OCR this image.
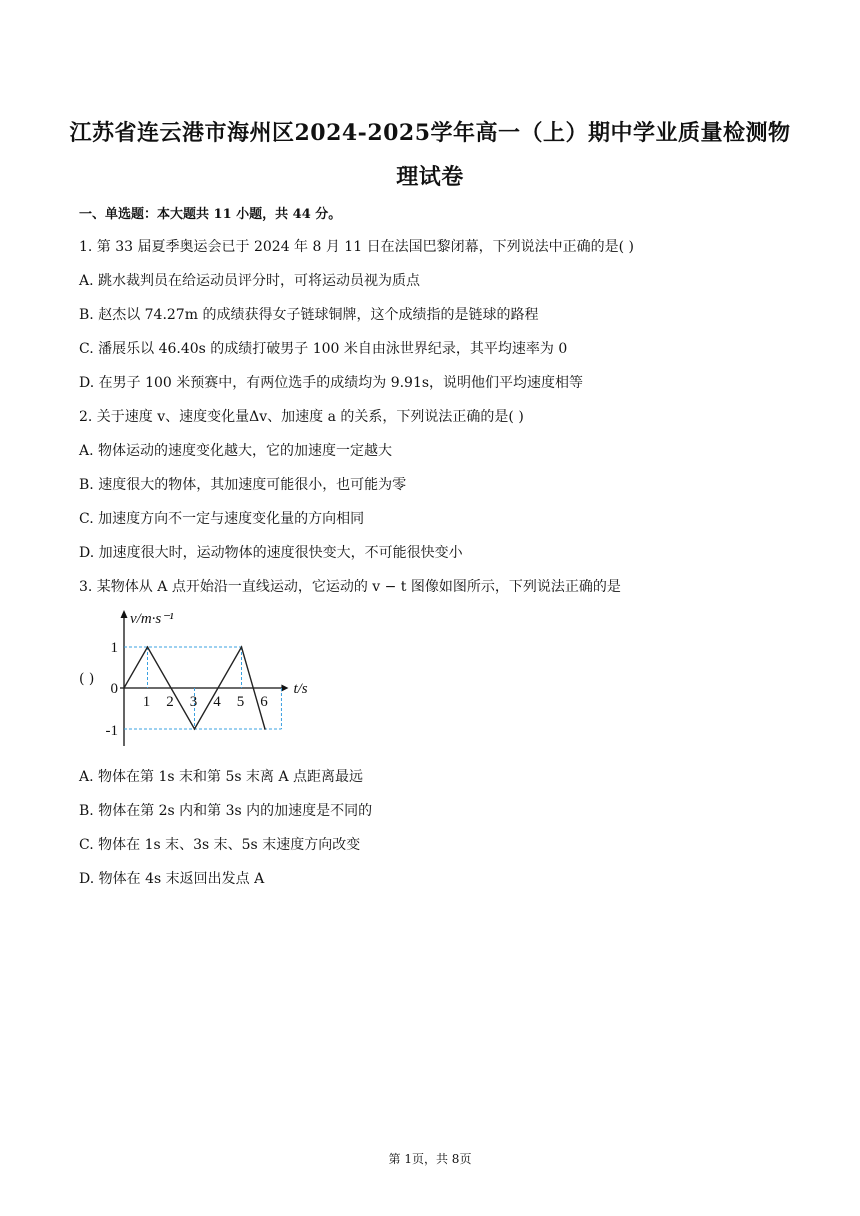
江苏省连云港市海州区2024-2025学年高一（上）期中学业质量检测物
理试卷
一、单选题：本大题共 11 小题，共 44 分。
1. 第 33 届夏季奥运会已于 2024 年 8 月 11 日在法国巴黎闭幕，下列说法中正确的是( )
A. 跳水裁判员在给运动员评分时，可将运动员视为质点
B. 赵杰以 74.27m 的成绩获得女子链球铜牌，这个成绩指的是链球的路程
C. 潘展乐以 46.40s 的成绩打破男子 100 米自由泳世界纪录，其平均速率为 0
D. 在男子 100 米预赛中，有两位选手的成绩均为 9.91s，说明他们平均速度相等
2. 关于速度 v、速度变化量Δv、加速度 a 的关系，下列说法正确的是( )
A. 物体运动的速度变化越大，它的加速度一定越大
B. 速度很大的物体，其加速度可能很小，也可能为零
C. 加速度方向不一定与速度变化量的方向相同
D. 加速度很大时，运动物体的速度很快变大，不可能很快变小
3. 某物体从 A 点开始沿一直线运动，它运动的 v − t 图像如图所示，下列说法正确的是
( )
1 2 3 4 5 6
1
0
-1
t/s
v/m·s⁻¹
A. 物体在第 1s 末和第 5s 末离 A 点距离最远
B. 物体在第 2s 内和第 3s 内的加速度是不同的
C. 物体在 1s 末、3s 末、5s 末速度方向改变
D. 物体在 4s 末返回出发点 A
第 1页，共 8页
